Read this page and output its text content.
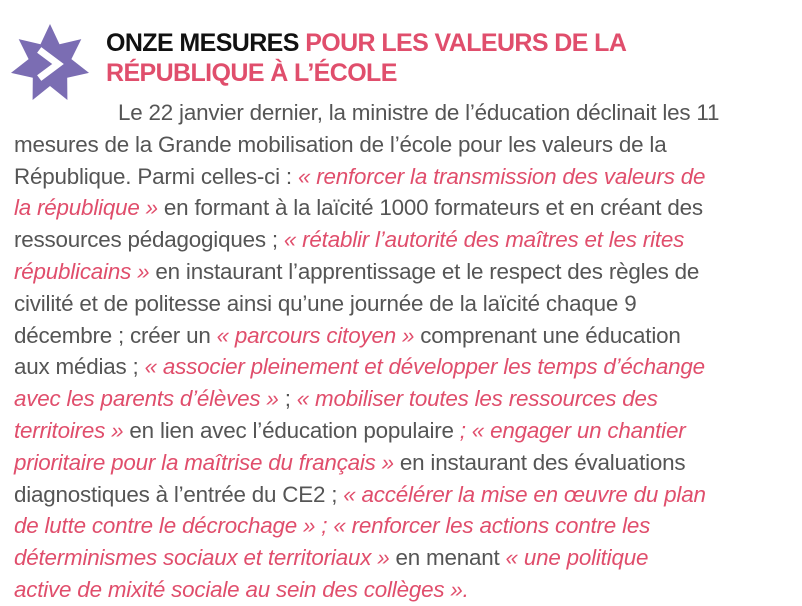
ONZE MESURES POUR LES VALEURS DE LA
RÉPUBLIQUE À L’ÉCOLE
Le 22 janvier dernier, la ministre de l’éducation déclinait les 11
mesures de la Grande mobilisation de l’école pour les valeurs de la
République. Parmi celles-ci : « renforcer la transmission des valeurs de
la république » en formant à la laïcité 1000 formateurs et en créant des
ressources pédagogiques ; « rétablir l’autorité des maîtres et les rites
républicains » en instaurant l’apprentissage et le respect des règles de
civilité et de politesse ainsi qu’une journée de la laïcité chaque 9
décembre ; créer un « parcours citoyen » comprenant une éducation
aux médias ; « associer pleinement et développer les temps d’échange
avec les parents d’élèves » ; « mobiliser toutes les ressources des
territoires » en lien avec l’éducation populaire ; « engager un chantier
prioritaire pour la maîtrise du français » en instaurant des évaluations
diagnostiques à l’entrée du CE2 ; « accélérer la mise en œuvre du plan
de lutte contre le décrochage » ; « renforcer les actions contre les
déterminismes sociaux et territoriaux » en menant « une politique
active de mixité sociale au sein des collèges ».
